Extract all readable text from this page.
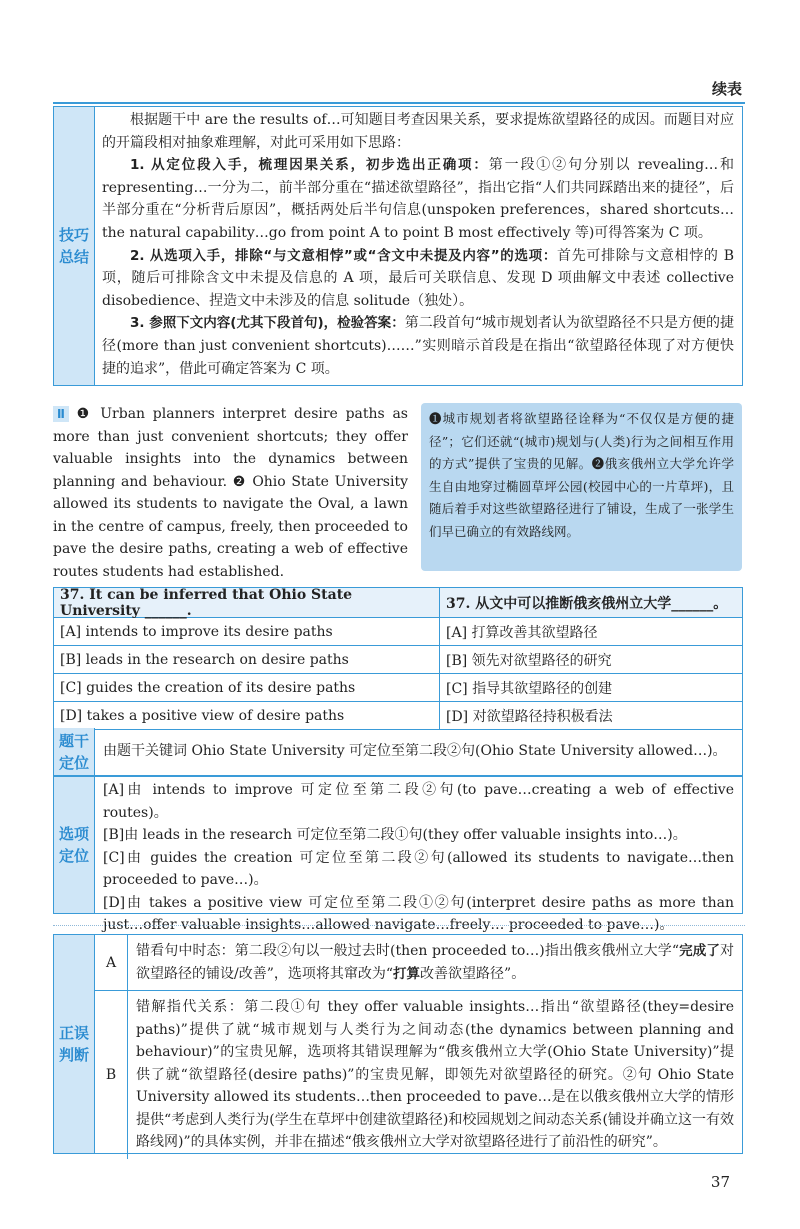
续表
技巧总结

根据题干中 are the results of…可知题目考查因果关系，要求提炼欲望路径的成因。而题目对应的开篇段相对抽象难理解，对此可采用如下思路：

1. 从定位段入手，梳理因果关系，初步选出正确项：第一段①②句分别以 revealing…和 representing…一分为二，前半部分重在“描述欲望路径”，指出它指“人们共同踩踏出来的捷径”，后半部分重在“分析背后原因”，概括两处后半句信息(unspoken preferences，shared shortcuts…the natural capability…go from point A to point B most effectively 等)可得答案为 C 项。

2. 从选项入手，排除“与文意相悖”或“含文中未提及内容”的选项：首先可排除与文意相悖的 B 项，随后可排除含文中未提及信息的 A 项，最后可关联信息、发现 D 项曲解文中表述 collective disobedience、捏造文中未涉及的信息 solitude（独处）。

3. 参照下文内容(尤其下段首句)，检验答案：第二段首句“城市规划者认为欲望路径不只是方便的捷径(more than just convenient shortcuts)……”实则暗示首段是在指出“欲望路径体现了对方便快捷的追求”，借此可确定答案为 C 项。

Ⅱ ❶ Urban planners interpret desire paths as more than just convenient shortcuts; they offer valuable insights into the dynamics between planning and behaviour. ❷ Ohio State University allowed its students to navigate the Oval, a lawn in the centre of campus, freely, then proceeded to pave the desire paths, creating a web of effective routes students had established.
❶城市规划者将欲望路径诠释为“不仅仅是方便的捷径”；它们还就“(城市)规划与(人类)行为之间相互作用的方式”提供了宝贵的见解。❷俄亥俄州立大学允许学生自由地穿过椭圆草坪公园(校园中心的一片草坪)，且随后着手对这些欲望路径进行了铺设，生成了一张学生们早已确立的有效路线网。
37. It can be inferred that Ohio State University ______.	37. 从文中可以推断俄亥俄州立大学______。
[A] intends to improve its desire paths	[A] 打算改善其欲望路径
[B] leads in the research on desire paths	[B] 领先对欲望路径的研究
[C] guides the creation of its desire paths	[C] 指导其欲望路径的创建
[D] takes a positive view of desire paths	[D] 对欲望路径持积极看法
题干定位
由题干关键词 Ohio State University 可定位至第二段②句(Ohio State University allowed…)。
选项定位
[A]由 intends to improve 可定位至第二段②句(to pave…creating a web of effective routes)。
[B]由 leads in the research 可定位至第二段①句(they offer valuable insights into…)。
[C]由 guides the creation 可定位至第二段②句(allowed its students to navigate…then proceeded to pave…)。
[D]由 takes a positive view 可定位至第二段①②句(interpret desire paths as more than just…offer valuable insights…allowed navigate…freely… proceeded to pave…)。
正误判断
A
错看句中时态：第二段②句以一般过去时(then proceeded to…)指出俄亥俄州立大学“完成了对欲望路径的铺设/改善”，选项将其窜改为“打算改善欲望路径”。
B
错解指代关系：第二段①句 they offer valuable insights…指出“欲望路径(they=desire paths)”提供了就“城市规划与人类行为之间动态(the dynamics between planning and behaviour)”的宝贵见解，选项将其错误理解为“俄亥俄州立大学(Ohio State University)”提供了就“欲望路径(desire paths)”的宝贵见解，即领先对欲望路径的研究。②句 Ohio State University allowed its students…then proceeded to pave…是在以俄亥俄州立大学的情形提供“考虑到人类行为(学生在草坪中创建欲望路径)和校园规划之间动态关系(铺设并确立这一有效路线网)”的具体实例，并非在描述“俄亥俄州立大学对欲望路径进行了前沿性的研究”。
37
